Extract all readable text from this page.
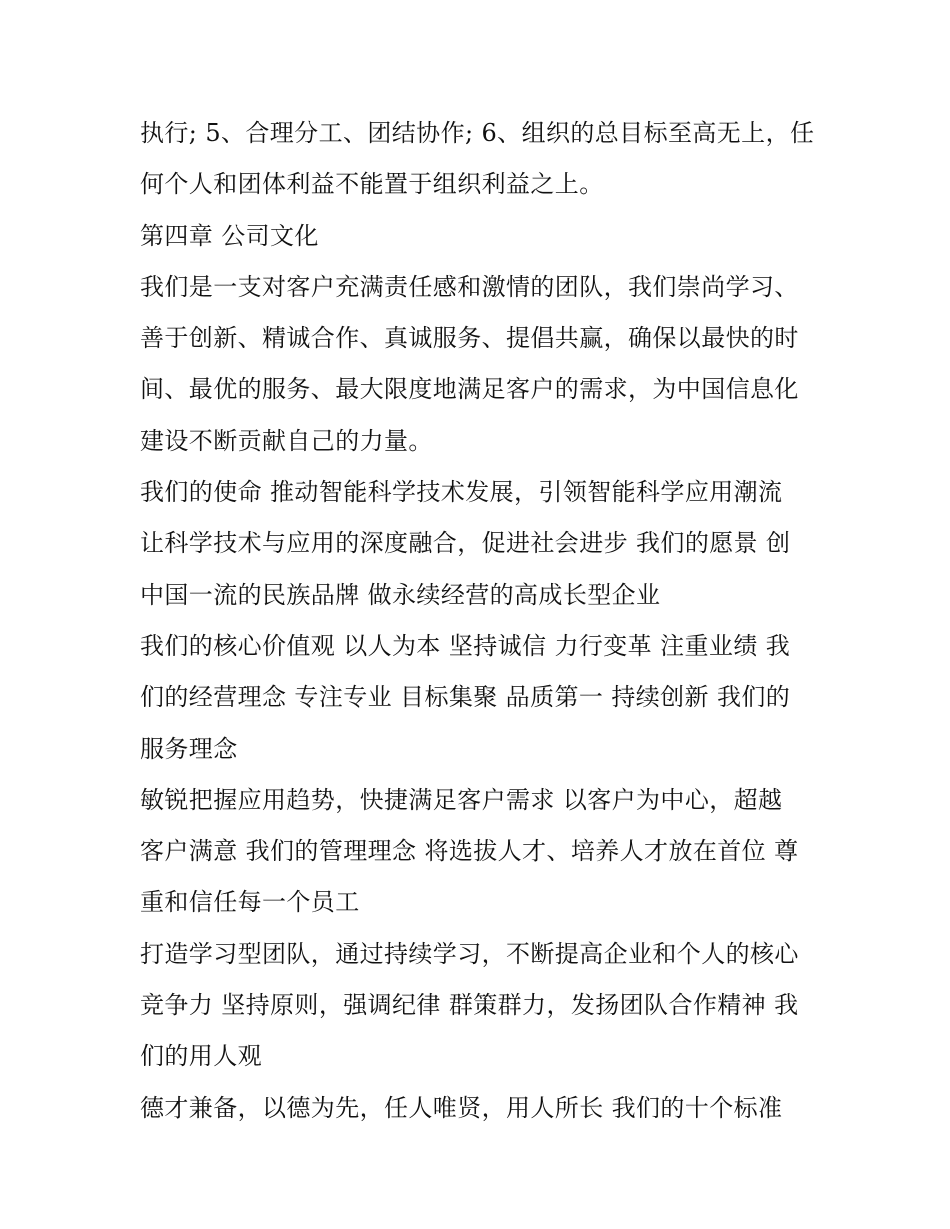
执行; 5、合理分工、团结协作; 6、组织的总目标至高无上，任
何个人和团体利益不能置于组织利益之上。
第四章 公司文化
我们是一支对客户充满责任感和激情的团队，我们崇尚学习、
善于创新、精诚合作、真诚服务、提倡共赢，确保以最快的时
间、最优的服务、最大限度地满足客户的需求，为中国信息化
建设不断贡献自己的力量。
我们的使命 推动智能科学技术发展，引领智能科学应用潮流
让科学技术与应用的深度融合，促进社会进步 我们的愿景 创
中国一流的民族品牌 做永续经营的高成长型企业
我们的核心价值观 以人为本 坚持诚信 力行变革 注重业绩 我
们的经营理念 专注专业 目标集聚 品质第一 持续创新 我们的
服务理念
敏锐把握应用趋势，快捷满足客户需求 以客户为中心，超越
客户满意 我们的管理理念 将选拔人才、培养人才放在首位 尊
重和信任每一个员工
打造学习型团队，通过持续学习，不断提高企业和个人的核心
竞争力 坚持原则，强调纪律 群策群力，发扬团队合作精神 我
们的用人观
德才兼备，以德为先，任人唯贤，用人所长 我们的十个标准
